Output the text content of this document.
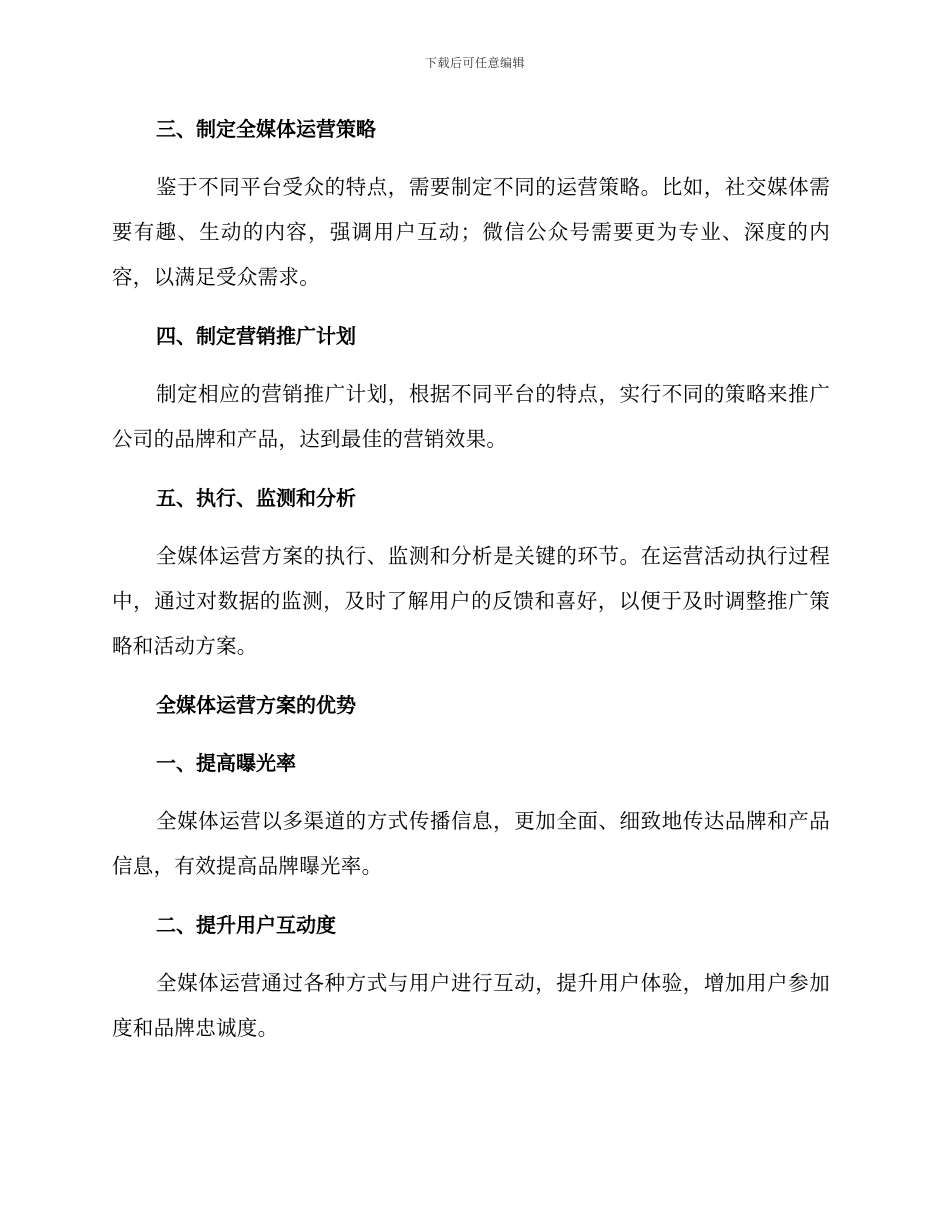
下载后可任意编辑
三、制定全媒体运营策略

鉴于不同平台受众的特点，需要制定不同的运营策略。比如，社交媒体需要有趣、生动的内容，强调用户互动；微信公众号需要更为专业、深度的内容，以满足受众需求。

四、制定营销推广计划

制定相应的营销推广计划，根据不同平台的特点，实行不同的策略来推广公司的品牌和产品，达到最佳的营销效果。

五、执行、监测和分析

全媒体运营方案的执行、监测和分析是关键的环节。在运营活动执行过程中，通过对数据的监测，及时了解用户的反馈和喜好，以便于及时调整推广策略和活动方案。

全媒体运营方案的优势
一、提高曝光率

全媒体运营以多渠道的方式传播信息，更加全面、细致地传达品牌和产品信息，有效提高品牌曝光率。

二、提升用户互动度

全媒体运营通过各种方式与用户进行互动，提升用户体验，增加用户参加度和品牌忠诚度。
